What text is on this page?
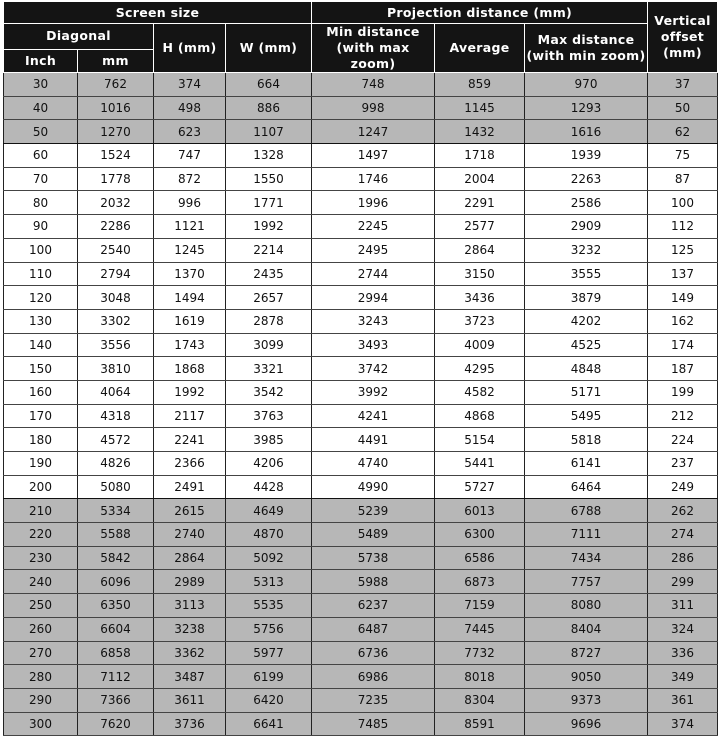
Screen size				Projection distance (mm)			Vertical offset (mm)
Diagonal		H (mm)	W (mm)	Min distance (with max zoom)	Average	Max distance (with min zoom)	
Inch	mm						
30	762	374	664	748	859	970	37
40	1016	498	886	998	1145	1293	50
50	1270	623	1107	1247	1432	1616	62
60	1524	747	1328	1497	1718	1939	75
70	1778	872	1550	1746	2004	2263	87
80	2032	996	1771	1996	2291	2586	100
90	2286	1121	1992	2245	2577	2909	112
100	2540	1245	2214	2495	2864	3232	125
110	2794	1370	2435	2744	3150	3555	137
120	3048	1494	2657	2994	3436	3879	149
130	3302	1619	2878	3243	3723	4202	162
140	3556	1743	3099	3493	4009	4525	174
150	3810	1868	3321	3742	4295	4848	187
160	4064	1992	3542	3992	4582	5171	199
170	4318	2117	3763	4241	4868	5495	212
180	4572	2241	3985	4491	5154	5818	224
190	4826	2366	4206	4740	5441	6141	237
200	5080	2491	4428	4990	5727	6464	249
210	5334	2615	4649	5239	6013	6788	262
220	5588	2740	4870	5489	6300	7111	274
230	5842	2864	5092	5738	6586	7434	286
240	6096	2989	5313	5988	6873	7757	299
250	6350	3113	5535	6237	7159	8080	311
260	6604	3238	5756	6487	7445	8404	324
270	6858	3362	5977	6736	7732	8727	336
280	7112	3487	6199	6986	8018	9050	349
290	7366	3611	6420	7235	8304	9373	361
300	7620	3736	6641	7485	8591	9696	374
